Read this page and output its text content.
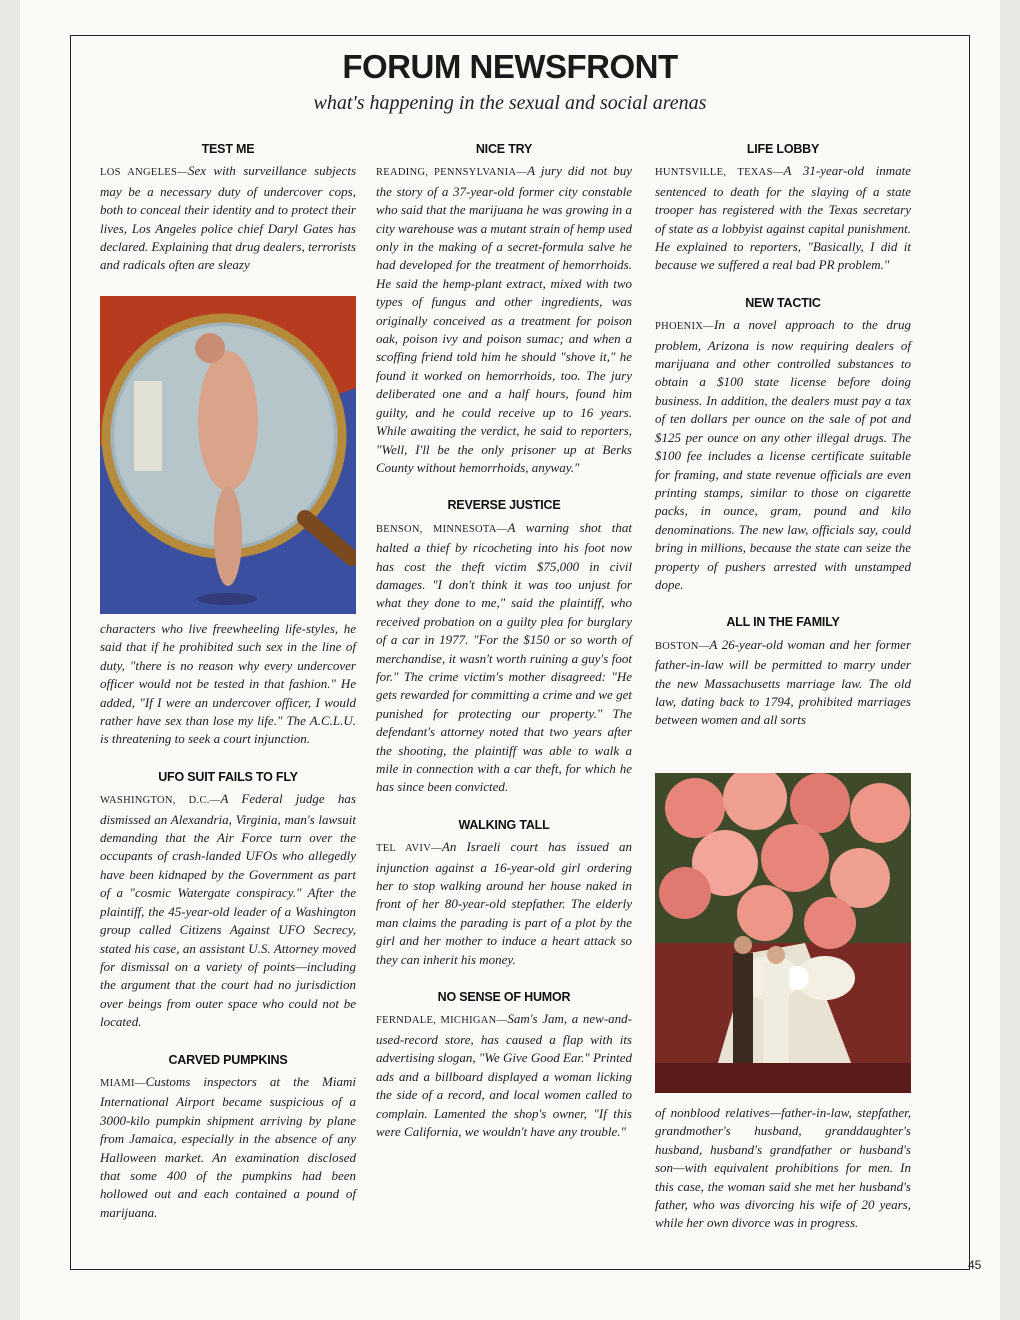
FORUM NEWSFRONT
what's happening in the sexual and social arenas
TEST ME

LOS ANGELES—Sex with surveillance subjects may be a necessary duty of undercover cops, both to conceal their identity and to protect their lives, Los Angeles police chief Daryl Gates has declared. Explaining that drug dealers, terrorists and radicals often are sleazy

characters who live freewheeling life-styles, he said that if he prohibited such sex in the line of duty, "there is no reason why every undercover officer would not be tested in that fashion." He added, "If I were an undercover officer, I would rather have sex than lose my life." The A.C.L.U. is threatening to seek a court injunction.

UFO SUIT FAILS TO FLY

WASHINGTON, D.C.—A Federal judge has dismissed an Alexandria, Virginia, man's lawsuit demanding that the Air Force turn over the occupants of crash-landed UFOs who allegedly have been kidnaped by the Government as part of a "cosmic Watergate conspiracy." After the plaintiff, the 45-year-old leader of a Washington group called Citizens Against UFO Secrecy, stated his case, an assistant U.S. Attorney moved for dismissal on a variety of points—including the argument that the court had no jurisdiction over beings from outer space who could not be located.

CARVED PUMPKINS

MIAMI—Customs inspectors at the Miami International Airport became suspicious of a 3000-kilo pumpkin shipment arriving by plane from Jamaica, especially in the absence of any Halloween market. An examination disclosed that some 400 of the pumpkins had been hollowed out and each contained a pound of marijuana.

NICE TRY

READING, PENNSYLVANIA—A jury did not buy the story of a 37-year-old former city constable who said that the marijuana he was growing in a city warehouse was a mutant strain of hemp used only in the making of a secret-formula salve he had developed for the treatment of hemorrhoids. He said the hemp-plant extract, mixed with two types of fungus and other ingredients, was originally conceived as a treatment for poison oak, poison ivy and poison sumac; and when a scoffing friend told him he should "shove it," he found it worked on hemorrhoids, too. The jury deliberated one and a half hours, found him guilty, and he could receive up to 16 years. While awaiting the verdict, he said to reporters, "Well, I'll be the only prisoner up at Berks County without hemorrhoids, anyway."

REVERSE JUSTICE

BENSON, MINNESOTA—A warning shot that halted a thief by ricocheting into his foot now has cost the theft victim $75,000 in civil damages. "I don't think it was too unjust for what they done to me," said the plaintiff, who received probation on a guilty plea for burglary of a car in 1977. "For the $150 or so worth of merchandise, it wasn't worth ruining a guy's foot for." The crime victim's mother disagreed: "He gets rewarded for committing a crime and we get punished for protecting our property." The defendant's attorney noted that two years after the shooting, the plaintiff was able to walk a mile in connection with a car theft, for which he has since been convicted.

WALKING TALL

TEL AVIV—An Israeli court has issued an injunction against a 16-year-old girl ordering her to stop walking around her house naked in front of her 80-year-old stepfather. The elderly man claims the parading is part of a plot by the girl and her mother to induce a heart attack so they can inherit his money.

NO SENSE OF HUMOR

FERNDALE, MICHIGAN—Sam's Jam, a new-and-used-record store, has caused a flap with its advertising slogan, "We Give Good Ear." Printed ads and a billboard displayed a woman licking the side of a record, and local women called to complain. Lamented the shop's owner, "If this were California, we wouldn't have any trouble."

LIFE LOBBY

HUNTSVILLE, TEXAS—A 31-year-old inmate sentenced to death for the slaying of a state trooper has registered with the Texas secretary of state as a lobbyist against capital punishment. He explained to reporters, "Basically, I did it because we suffered a real bad PR problem."

NEW TACTIC

PHOENIX—In a novel approach to the drug problem, Arizona is now requiring dealers of marijuana and other controlled substances to obtain a $100 state license before doing business. In addition, the dealers must pay a tax of ten dollars per ounce on the sale of pot and $125 per ounce on any other illegal drugs. The $100 fee includes a license certificate suitable for framing, and state revenue officials are even printing stamps, similar to those on cigarette packs, in ounce, gram, pound and kilo denominations. The new law, officials say, could bring in millions, because the state can seize the property of pushers arrested with unstamped dope.

ALL IN THE FAMILY

BOSTON—A 26-year-old woman and her former father-in-law will be permitted to marry under the new Massachusetts marriage law. The old law, dating back to 1794, prohibited marriages between women and all sorts

of nonblood relatives—father-in-law, stepfather, grandmother's husband, granddaughter's husband, husband's grandfather or husband's son—with equivalent prohibitions for men. In this case, the woman said she met her husband's father, who was divorcing his wife of 20 years, while her own divorce was in progress.

45
